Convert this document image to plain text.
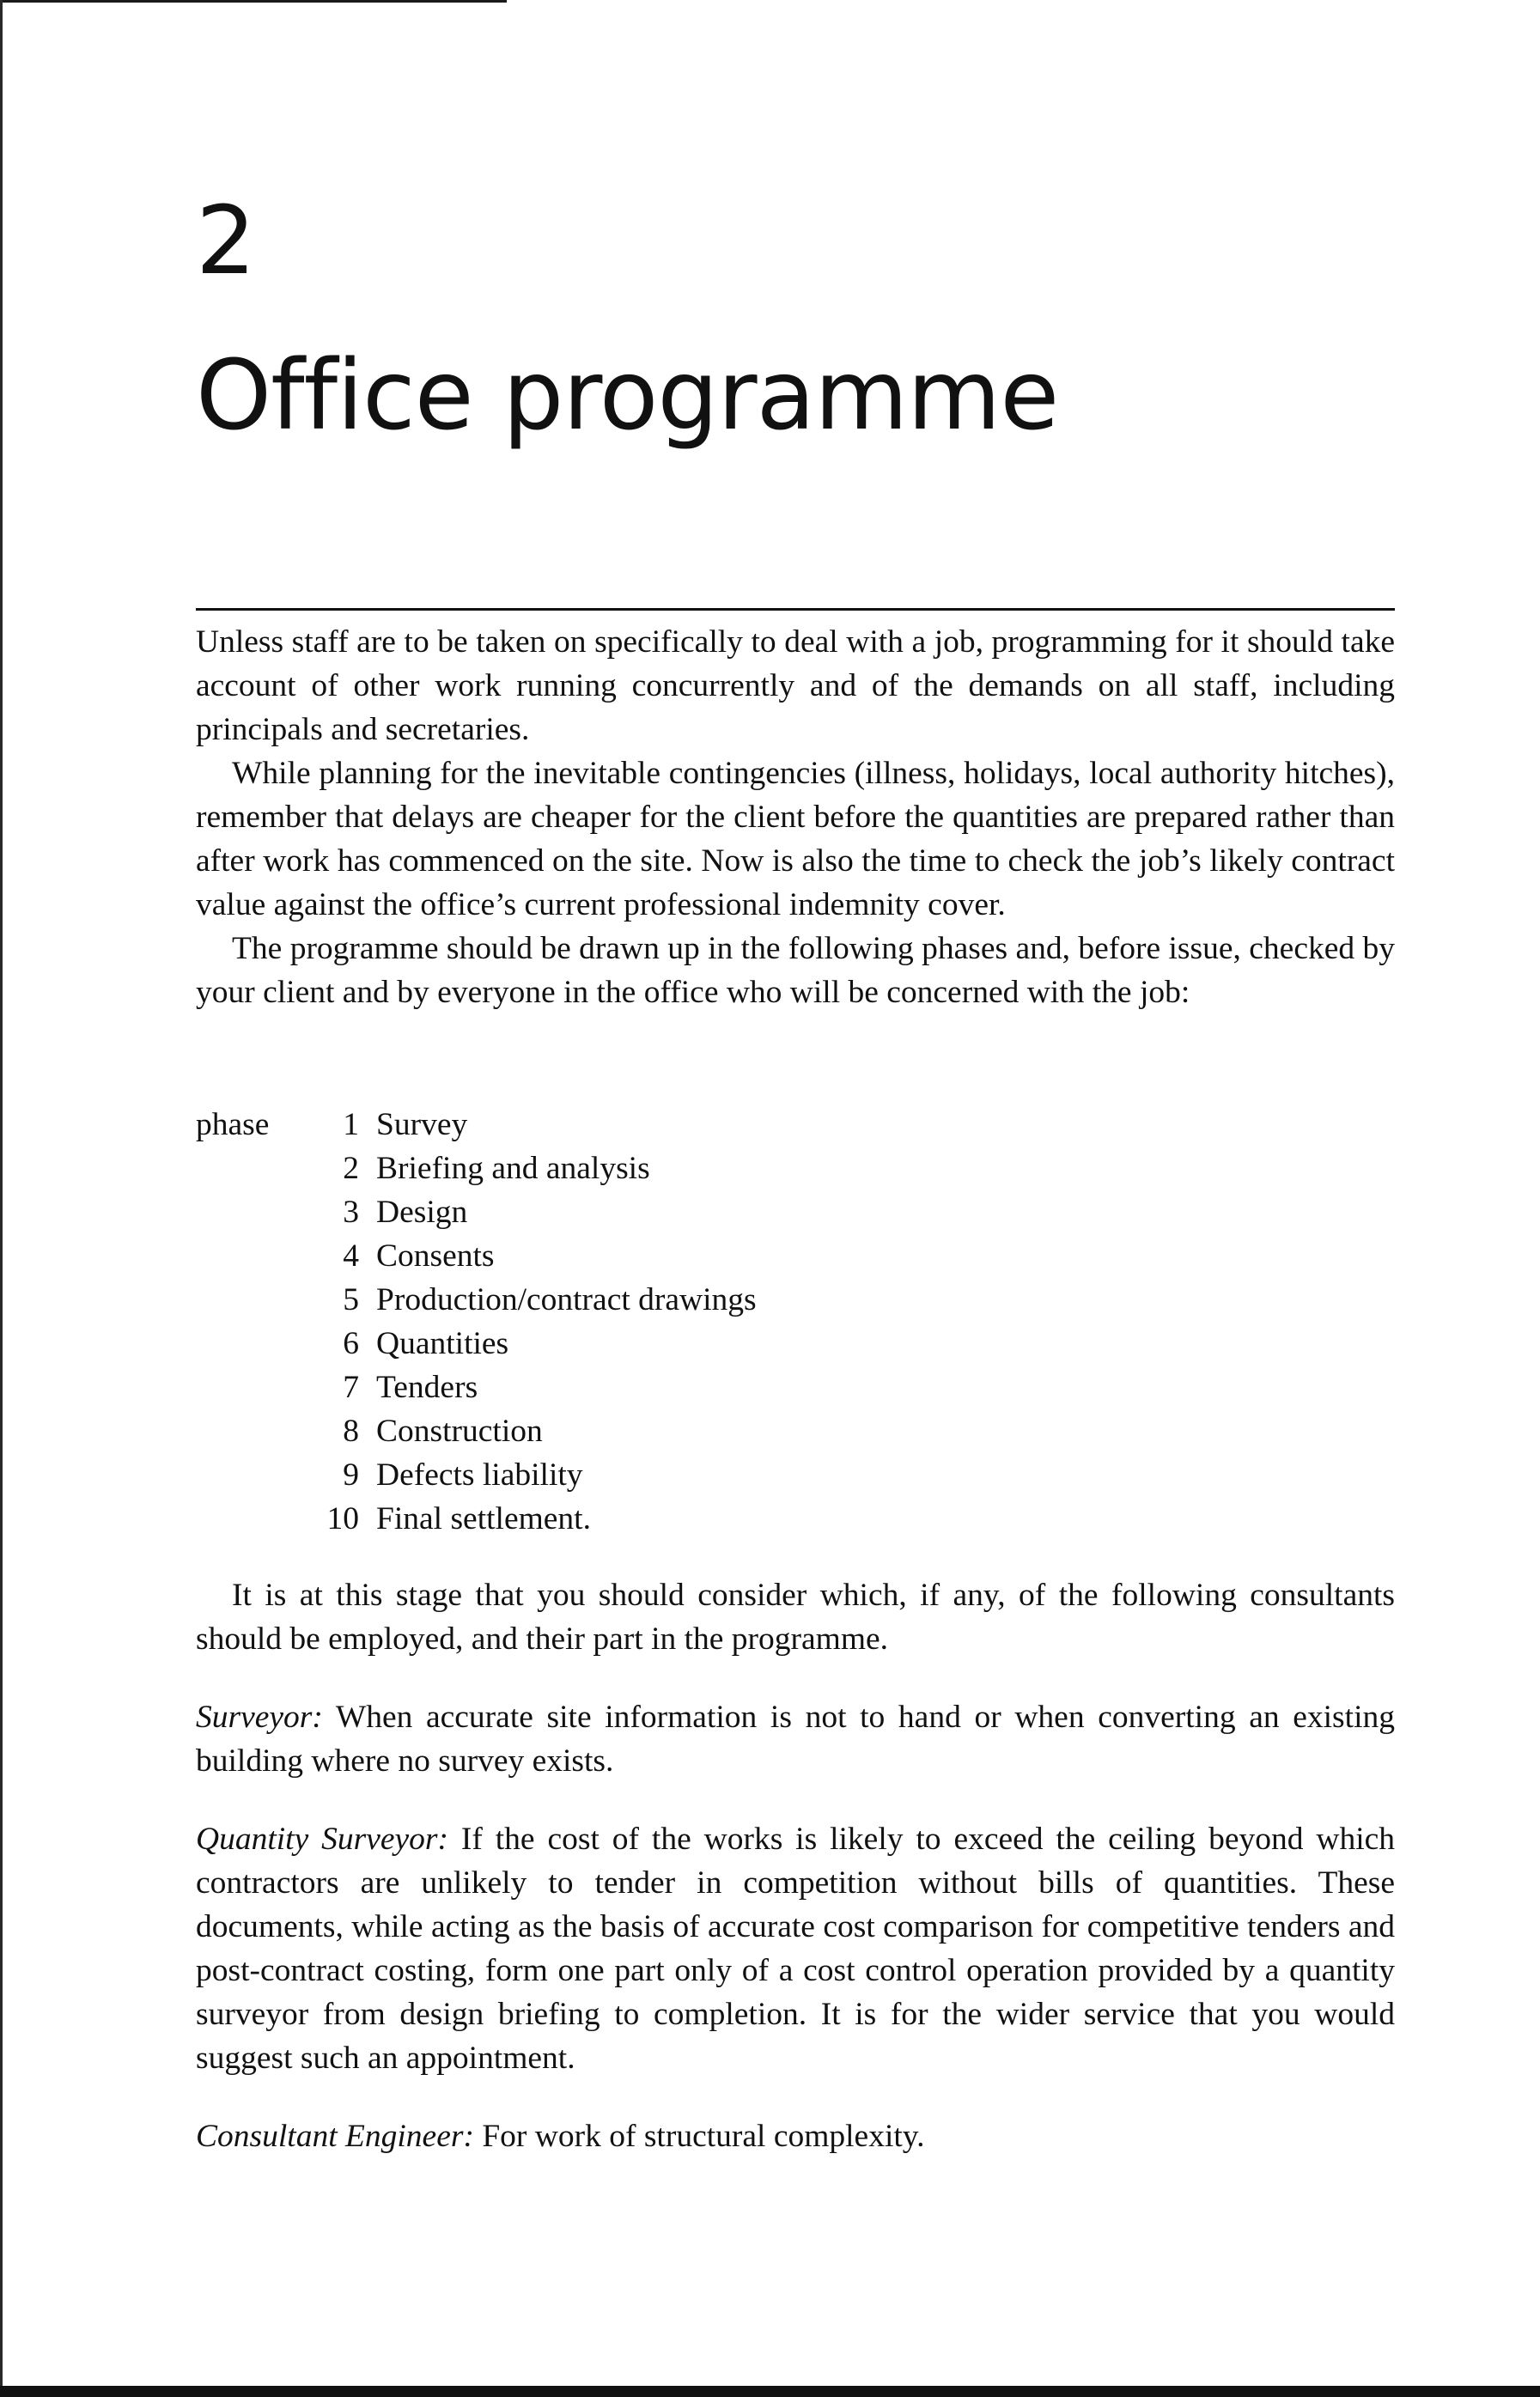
2
Office programme

Unless staff are to be taken on specifically to deal with a job, programming for it should take account of other work running concurrently and of the demands on all staff, including principals and secretaries.

While planning for the inevitable contingencies (illness, holidays, local authority hitches), remember that delays are cheaper for the client before the quantities are prepared rather than after work has commenced on the site. Now is also the time to check the job’s likely contract value against the office’s current professional indemnity cover.

The programme should be drawn up in the following phases and, before issue, checked by your client and by everyone in the office who will be concerned with the job:

phase	1 Survey
2 Briefing and analysis
3 Design
4 Consents
5 Production/contract drawings
6 Quantities
7 Tenders
8 Construction
9 Defects liability
10 Final settlement.

It is at this stage that you should consider which, if any, of the following consultants should be employed, and their part in the programme.

Surveyor: When accurate site information is not to hand or when converting an existing building where no survey exists.

Quantity Surveyor: If the cost of the works is likely to exceed the ceiling beyond which contractors are unlikely to tender in competition without bills of quantities. These documents, while acting as the basis of accurate cost comparison for competitive tenders and post-contract costing, form one part only of a cost control operation provided by a quantity surveyor from design briefing to completion. It is for the wider service that you would suggest such an appointment.

Consultant Engineer: For work of structural complexity.
